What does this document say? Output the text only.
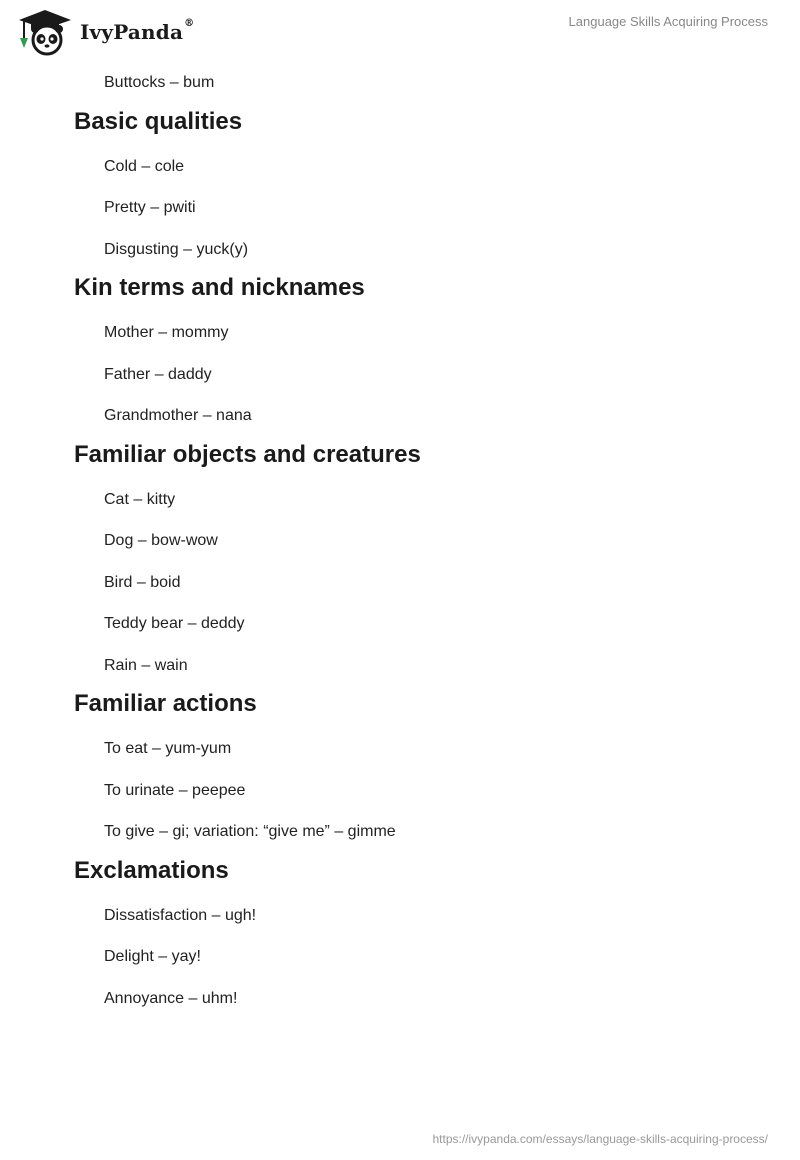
IvyPanda®	Language Skills Acquiring Process
Buttocks – bum
Basic qualities
Cold – cole
Pretty – pwiti
Disgusting – yuck(y)
Kin terms and nicknames
Mother – mommy
Father – daddy
Grandmother – nana
Familiar objects and creatures
Cat – kitty
Dog – bow-wow
Bird – boid
Teddy bear – deddy
Rain – wain
Familiar actions
To eat – yum-yum
To urinate – peepee
To give – gi; variation: “give me” – gimme
Exclamations
Dissatisfaction – ugh!
Delight – yay!
Annoyance – uhm!
https://ivypanda.com/essays/language-skills-acquiring-process/
